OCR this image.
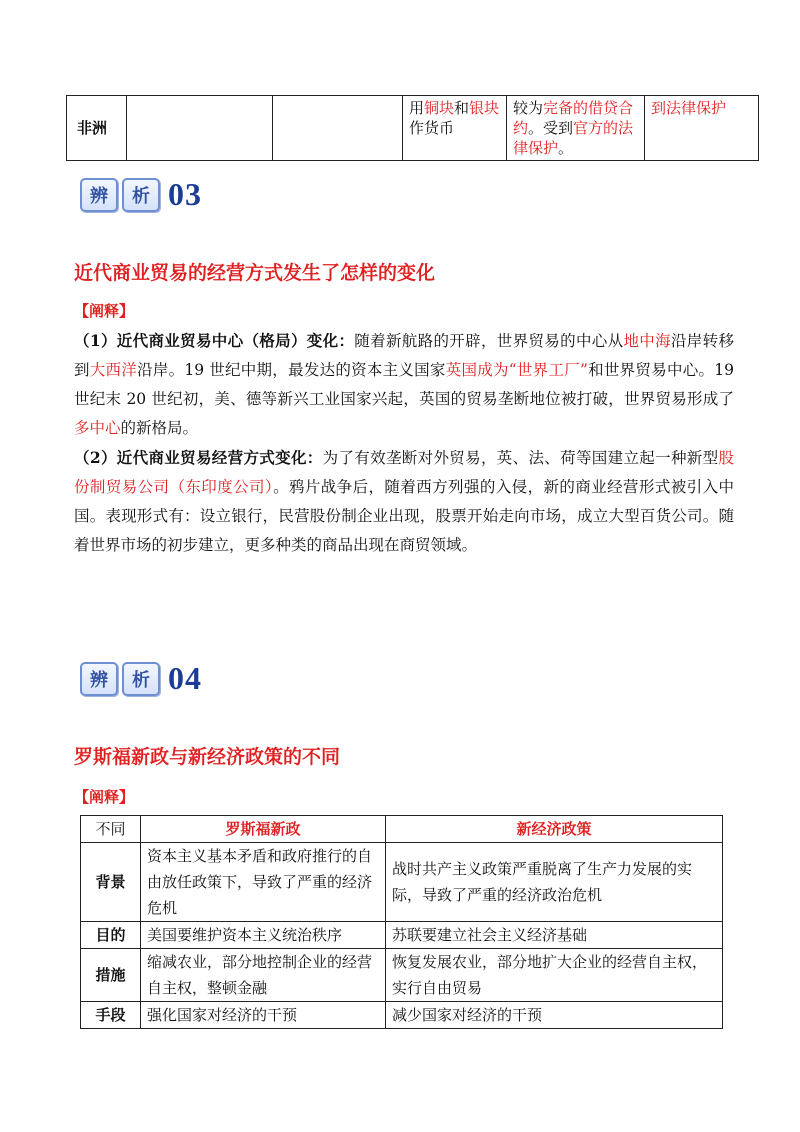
非洲			用铜块和银块作货币	较为完备的借贷合约。受到官方的法律保护。	到法律保护
辨	析 03
近代商业贸易的经营方式发生了怎样的变化
【阐释】

（1）近代商业贸易中心（格局）变化：随着新航路的开辟，世界贸易的中心从地中海沿岸转移到大西洋沿岸。19 世纪中期，最发达的资本主义国家英国成为“世界工厂”和世界贸易中心。19 世纪末 20 世纪初，美、德等新兴工业国家兴起，英国的贸易垄断地位被打破，世界贸易形成了多中心的新格局。

（2）近代商业贸易经营方式变化：为了有效垄断对外贸易，英、法、荷等国建立起一种新型股份制贸易公司（东印度公司）。鸦片战争后，随着西方列强的入侵，新的商业经营形式被引入中国。表现形式有：设立银行，民营股份制企业出现，股票开始走向市场，成立大型百货公司。随着世界市场的初步建立，更多种类的商品出现在商贸领域。

辨	析 04
罗斯福新政与新经济政策的不同
【阐释】
不同	罗斯福新政	新经济政策
背景	资本主义基本矛盾和政府推行的自由放任政策下，导致了严重的经济危机	战时共产主义政策严重脱离了生产力发展的实际，导致了严重的经济政治危机
目的	美国要维护资本主义统治秩序	苏联要建立社会主义经济基础
措施	缩减农业，部分地控制企业的经营自主权，整顿金融	恢复发展农业，部分地扩大企业的经营自主权，实行自由贸易
手段	强化国家对经济的干预	减少国家对经济的干预
